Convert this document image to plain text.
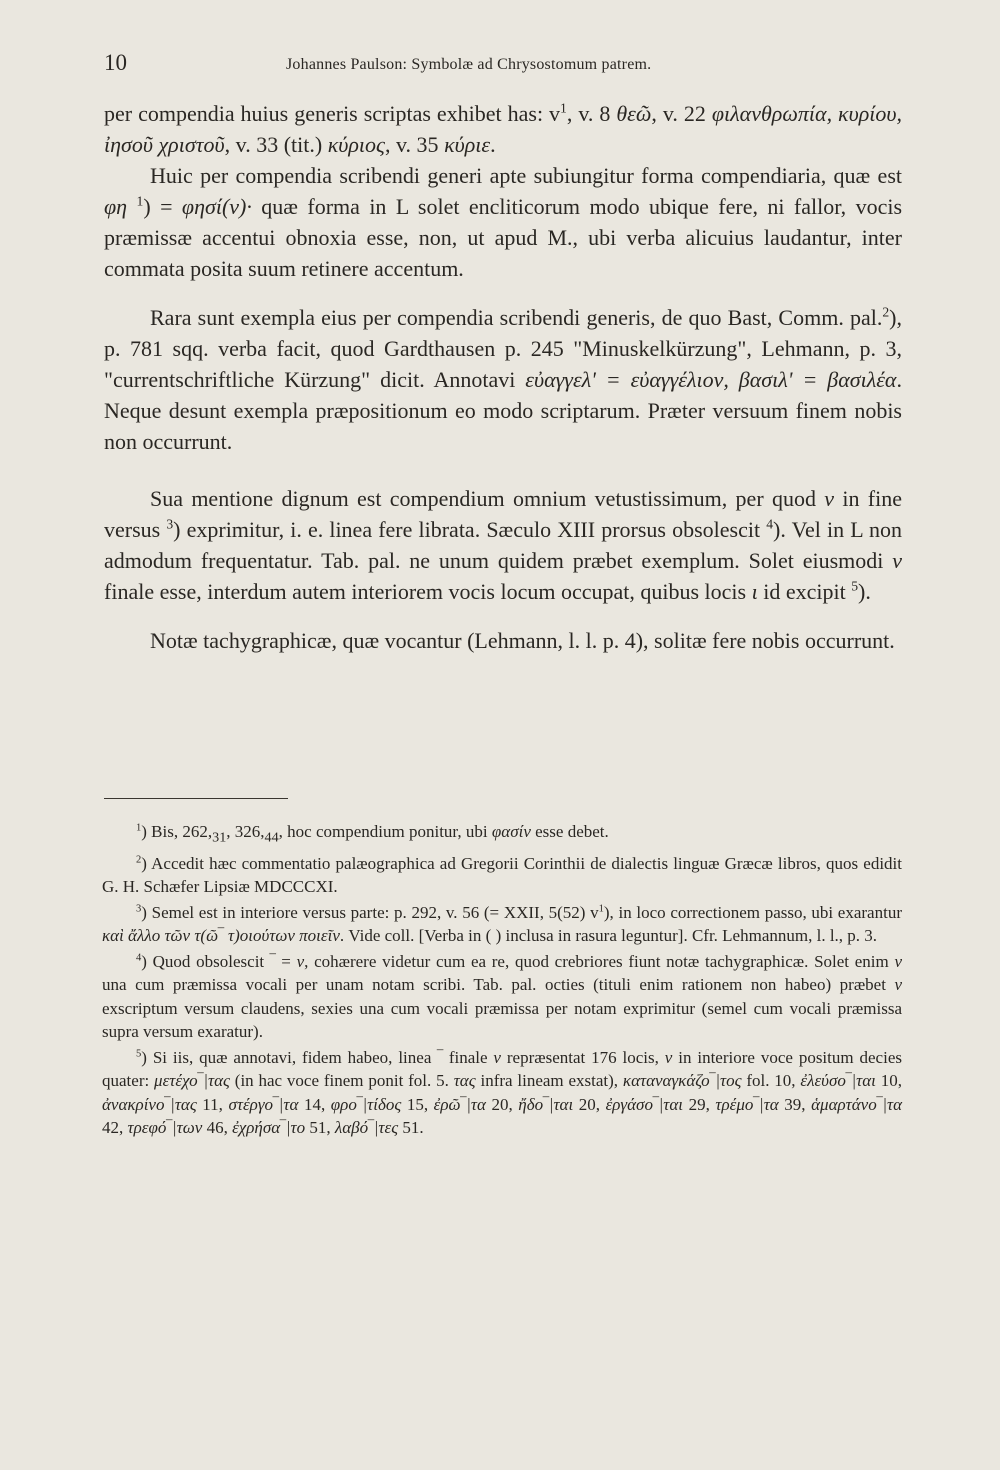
10	Johannes Paulson: Symbolæ ad Chrysostomum patrem.

per compendia huius generis scriptas exhibet has: $v^1$, v. 8 θεῶ, v. 22 φιλανθρωπία, κυρίου, ἰησοῦ χριστοῦ, v. 33 (tit.) κύριος, v. 35 κύριε.

Huic per compendia scribendi generi apte subiungitur forma compendiaria, quæ est φη $^1$) = φησί(ν)· quæ forma in L solet encliticorum modo ubique fere, ni fallor, vocis præmissæ accentui obnoxia esse, non, ut apud M., ubi verba alicuius laudantur, inter commata posita suum retinere accentum.

Rara sunt exempla eius per compendia scribendi generis, de quo Bast, Comm. pal.$^2$), p. 781 sqq. verba facit, quod Gardthausen p. 245 "Minuskelkürzung", Lehmann, p. 3, "currentschriftliche Kürzung" dicit. Annotavi εὐαγγελ' = εὐαγγέλιον, βασιλ' = βασιλέα. Neque desunt exempla præpositionum eo modo scriptarum. Præter versuum finem nobis non occurrunt.

Sua mentione dignum est compendium omnium vetustissimum, per quod ν in fine versus $^3$) exprimitur, i. e. linea fere librata. Sæculo XIII prorsus obsolescit $^4$). Vel in L non admodum frequentatur. Tab. pal. ne unum quidem præbet exemplum. Solet eiusmodi ν finale esse, interdum autem interiorem vocis locum occupat, quibus locis ι id excipit $^5$).

Notæ tachygraphicæ, quæ vocantur (Lehmann, l. l. p. 4), solitæ fere nobis occurrunt.

$^1$) Bis, $262,_{31}$, $326,_{44}$, hoc compendium ponitur, ubi φασίν esse debet.

$^2$) Accedit hæc commentatio palæographica ad Gregorii Corinthii de dialectis linguæ Græcæ libros, quos edidit G. H. Schæfer Lipsiæ MDCCCXI.

$^3$) Semel est in interiore versus parte: p. 292, v. 56 (= XXII, 5(52) $v^1$), in loco correctionem passo, ubi exarantur καὶ ἄλλο τῶν τ(ῶ‾ τ)οιούτων ποιεῖν. Vide coll. [Verba in ( ) inclusa in rasura leguntur]. Cfr. Lehmannum, l. l., p. 3.

$^4$) Quod obsolescit ‾ = ν, cohærere videtur cum ea re, quod crebriores fiunt notæ tachygraphicæ. Solet enim ν una cum præmissa vocali per unam notam scribi. Tab. pal. octies (tituli enim rationem non habeo) præbet ν exscriptum versum claudens, sexies una cum vocali præmissa per notam exprimitur (semel cum vocali præmissa supra versum exaratur).

$^5$) Si iis, quæ annotavi, fidem habeo, linea ‾ finale ν repræsentat 176 locis, ν in interiore voce positum decies quater: μετέχο‾|τας (in hac voce finem ponit fol. 5. τας infra lineam exstat), καταναγκάζο‾|τος fol. 10, ἐλεύσο‾|ται 10, ἀνακρίνο‾|τας 11, στέργο‾|τα 14, φρο‾|τίδος 15, ἐρῶ‾|τα 20, ἤδο‾|ται 20, ἐργάσο‾|ται 29, τρέμο‾|τα 39, ἁμαρτάνο‾|τα 42, τρεφό‾|των 46, ἐχρήσα‾|το 51, λαβό‾|τες 51.
